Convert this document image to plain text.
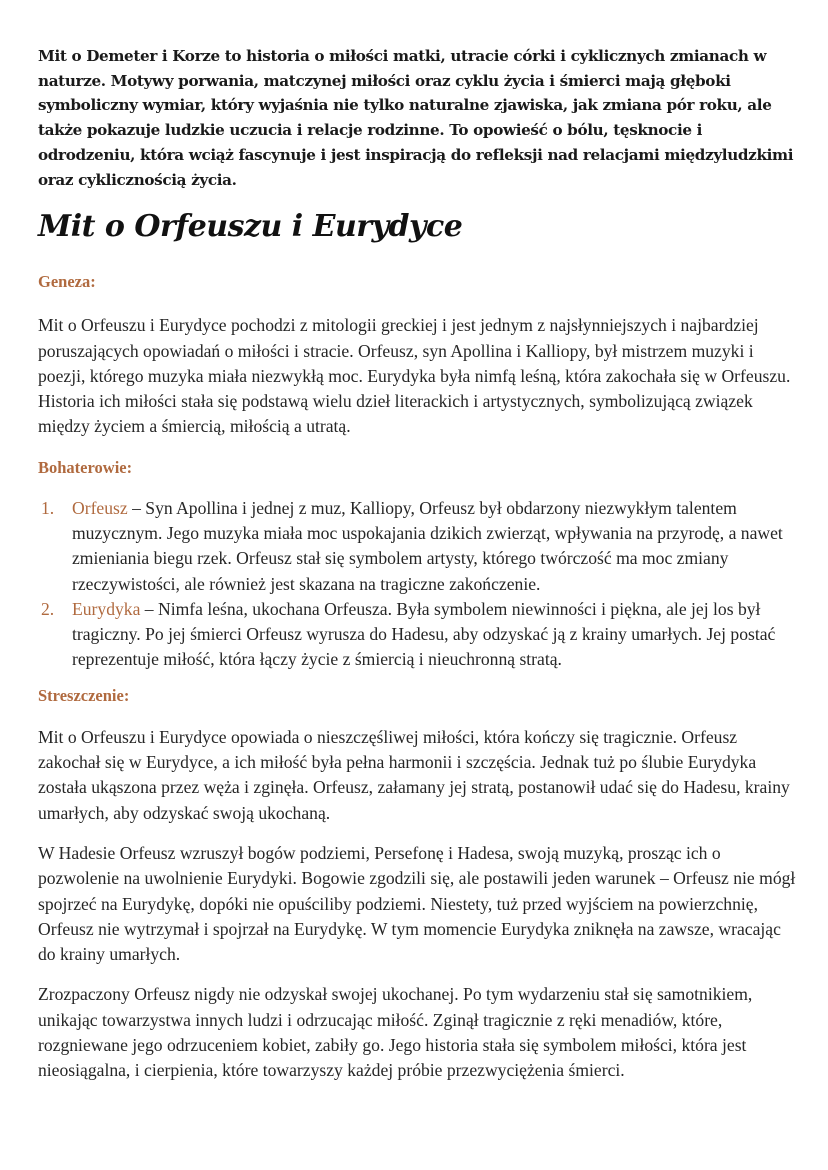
Mit o Demeter i Korze to historia o miłości matki, utracie córki i cyklicznych zmianach w naturze. Motywy porwania, matczynej miłości oraz cyklu życia i śmierci mają głęboki symboliczny wymiar, który wyjaśnia nie tylko naturalne zjawiska, jak zmiana pór roku, ale także pokazuje ludzkie uczucia i relacje rodzinne. To opowieść o bólu, tęsknocie i odrodzeniu, która wciąż fascynuje i jest inspiracją do refleksji nad relacjami międzyludzkimi oraz cyklicznością życia.

Mit o Orfeuszu i Eurydyce
Geneza:

Mit o Orfeuszu i Eurydyce pochodzi z mitologii greckiej i jest jednym z najsłynniejszych i najbardziej poruszających opowiadań o miłości i stracie. Orfeusz, syn Apollina i Kalliopy, był mistrzem muzyki i poezji, którego muzyka miała niezwykłą moc. Eurydyka była nimfą leśną, która zakochała się w Orfeuszu. Historia ich miłości stała się podstawą wielu dzieł literackich i artystycznych, symbolizującą związek między życiem a śmiercią, miłością a utratą.

Bohaterowie:
1. Orfeusz – Syn Apollina i jednej z muz, Kalliopy, Orfeusz był obdarzony niezwykłym talentem muzycznym. Jego muzyka miała moc uspokajania dzikich zwierząt, wpływania na przyrodę, a nawet zmieniania biegu rzek. Orfeusz stał się symbolem artysty, którego twórczość ma moc zmiany rzeczywistości, ale również jest skazana na tragiczne zakończenie.
2. Eurydyka – Nimfa leśna, ukochana Orfeusza. Była symbolem niewinności i piękna, ale jej los był tragiczny. Po jej śmierci Orfeusz wyrusza do Hadesu, aby odzyskać ją z krainy umarłych. Jej postać reprezentuje miłość, która łączy życie z śmiercią i nieuchronną stratą.
Streszczenie:

Mit o Orfeuszu i Eurydyce opowiada o nieszczęśliwej miłości, która kończy się tragicznie. Orfeusz zakochał się w Eurydyce, a ich miłość była pełna harmonii i szczęścia. Jednak tuż po ślubie Eurydyka została ukąszona przez węża i zginęła. Orfeusz, załamany jej stratą, postanowił udać się do Hadesu, krainy umarłych, aby odzyskać swoją ukochaną.

W Hadesie Orfeusz wzruszył bogów podziemi, Persefonę i Hadesa, swoją muzyką, prosząc ich o pozwolenie na uwolnienie Eurydyki. Bogowie zgodzili się, ale postawili jeden warunek – Orfeusz nie mógł spojrzeć na Eurydykę, dopóki nie opuściliby podziemi. Niestety, tuż przed wyjściem na powierzchnię, Orfeusz nie wytrzymał i spojrzał na Eurydykę. W tym momencie Eurydyka zniknęła na zawsze, wracając do krainy umarłych.

Zrozpaczony Orfeusz nigdy nie odzyskał swojej ukochanej. Po tym wydarzeniu stał się samotnikiem, unikając towarzystwa innych ludzi i odrzucając miłość. Zginął tragicznie z ręki menadiów, które, rozgniewane jego odrzuceniem kobiet, zabiły go. Jego historia stała się symbolem miłości, która jest nieosiągalna, i cierpienia, które towarzyszy każdej próbie przezwyciężenia śmierci.
